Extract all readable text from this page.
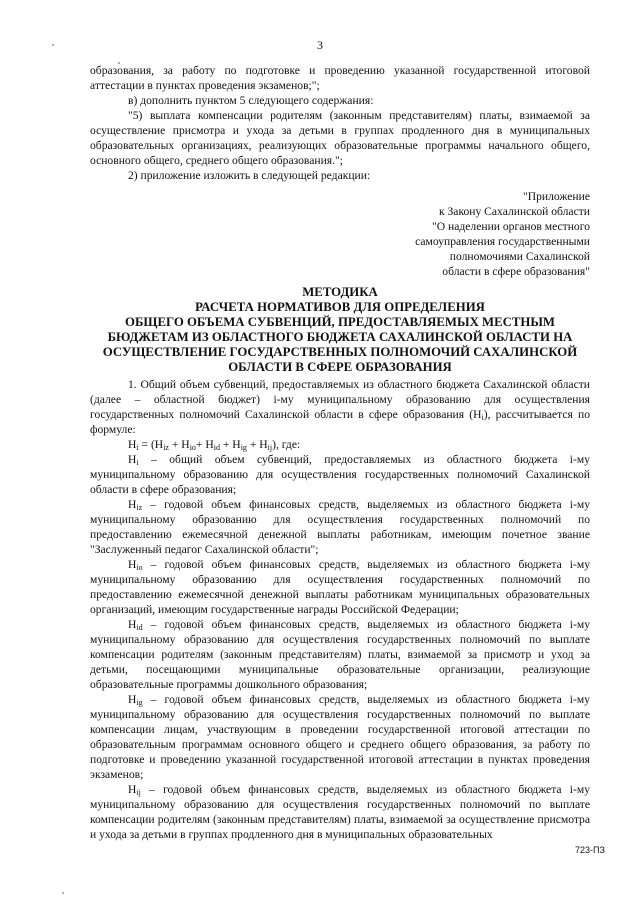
3

образования, за работу по подготовке и проведению указанной государственной итоговой аттестации в пунктах проведения экзаменов;";

в) дополнить пунктом 5 следующего содержания:

"5) выплата компенсации родителям (законным представителям) платы, взимаемой за осуществление присмотра и ухода за детьми в группах продленного дня в муниципальных образовательных организациях, реализующих образовательные программы начального общего, основного общего, среднего общего образования.";

2) приложение изложить в следующей редакции:

"Приложение
к Закону Сахалинской области
"О наделении органов местного
самоуправления государственными
полномочиями Сахалинской
области в сфере образования"
МЕТОДИКА
РАСЧЕТА НОРМАТИВОВ ДЛЯ ОПРЕДЕЛЕНИЯ
ОБЩЕГО ОБЪЕМА СУБВЕНЦИЙ, ПРЕДОСТАВЛЯЕМЫХ МЕСТНЫМ
БЮДЖЕТАМ ИЗ ОБЛАСТНОГО БЮДЖЕТА САХАЛИНСКОЙ ОБЛАСТИ НА
ОСУЩЕСТВЛЕНИЕ ГОСУДАРСТВЕННЫХ ПОЛНОМОЧИЙ САХАЛИНСКОЙ
ОБЛАСТИ В СФЕРЕ ОБРАЗОВАНИЯ

1. Общий объем субвенций, предоставляемых из областного бюджета Сахалинской области (далее – областной бюджет) i-му муниципальному образованию для осуществления государственных полномочий Сахалинской области в сфере образования $(Н_i)$, рассчитывается по формуле:

$Н_i = (Н_{iz} + Н_{io}+ Н_{id} + Н_{ig} + Н_{ij})$, где:

$Н_i$ – общий объем субвенций, предоставляемых из областного бюджета i-му муниципальному образованию для осуществления государственных полномочий Сахалинской области в сфере образования;

$Н_{iz}$ – годовой объем финансовых средств, выделяемых из областного бюджета i-му муниципальному образованию для осуществления государственных полномочий по предоставлению ежемесячной денежной выплаты работникам, имеющим почетное звание "Заслуженный педагог Сахалинской области";

$Н_{io}$ – годовой объем финансовых средств, выделяемых из областного бюджета i-му муниципальному образованию для осуществления государственных полномочий по предоставлению ежемесячной денежной выплаты работникам муниципальных образовательных организаций, имеющим государственные награды Российской Федерации;

$Н_{id}$ – годовой объем финансовых средств, выделяемых из областного бюджета i-му муниципальному образованию для осуществления государственных полномочий по выплате компенсации родителям (законным представителям) платы, взимаемой за присмотр и уход за детьми, посещающими муниципальные образовательные организации, реализующие образовательные программы дошкольного образования;

$Н_{ig}$ – годовой объем финансовых средств, выделяемых из областного бюджета i-му муниципальному образованию для осуществления государственных полномочий по выплате компенсации лицам, участвующим в проведении государственной итоговой аттестации по образовательным программам основного общего и среднего общего образования, за работу по подготовке и проведению указанной государственной итоговой аттестации в пунктах проведения экзаменов;

$Н_{ij}$ – годовой объем финансовых средств, выделяемых из областного бюджета i-му муниципальному образованию для осуществления государственных полномочий по выплате компенсации родителям (законным представителям) платы, взимаемой за осуществление присмотра и ухода за детьми в группах продленного дня в муниципальных образовательных

723-ПЗ
